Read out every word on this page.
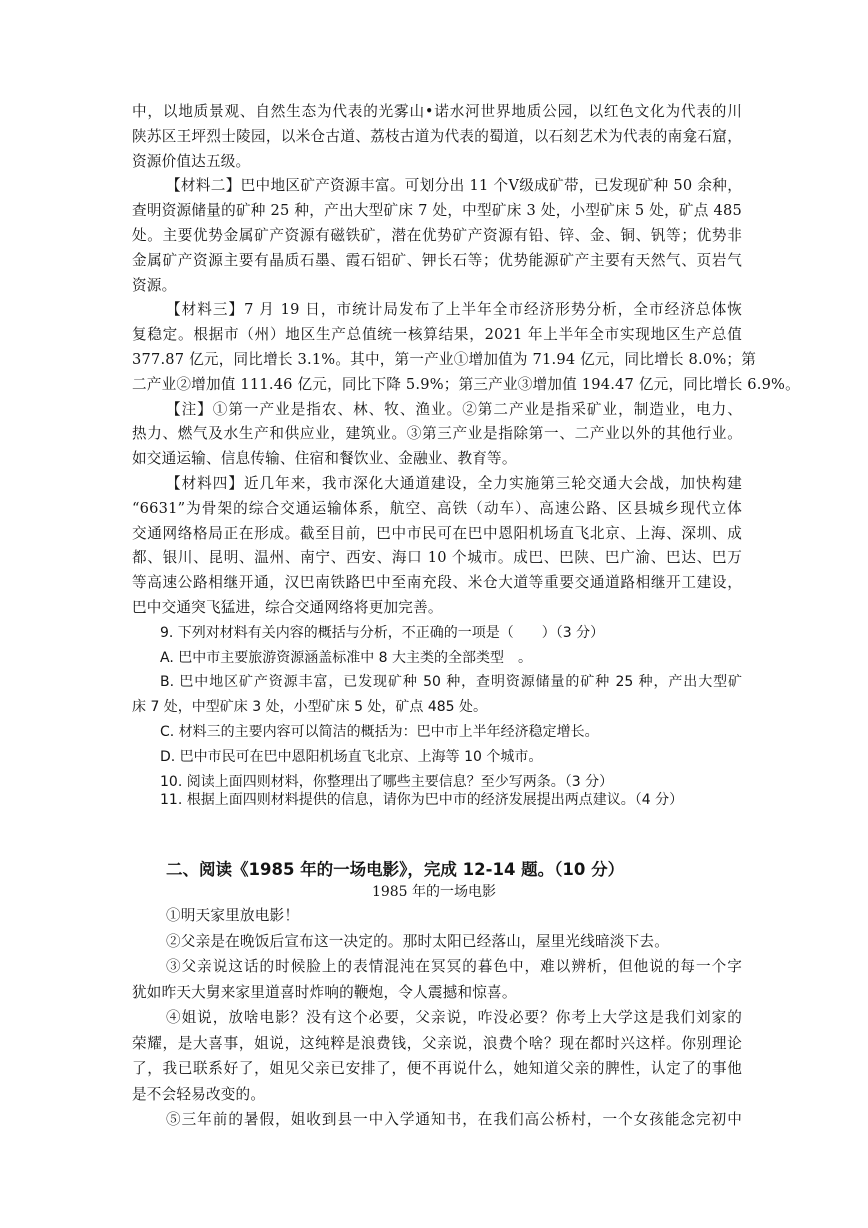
中，以地质景观、自然生态为代表的光雾山•诺水河世界地质公园，以红色文化为代表的川
陕苏区王坪烈士陵园，以米仓古道、荔枝古道为代表的蜀道，以石刻艺术为代表的南龛石窟，
资源价值达五级。
【材料二】巴中地区矿产资源丰富。可划分出 11 个Ⅴ级成矿带，已发现矿种 50 余种，
查明资源储量的矿种 25 种，产出大型矿床 7 处，中型矿床 3 处，小型矿床 5 处，矿点 485
处。主要优势金属矿产资源有磁铁矿，潜在优势矿产资源有铅、锌、金、铜、钒等；优势非
金属矿产资源主要有晶质石墨、霞石铝矿、钾长石等；优势能源矿产主要有天然气、页岩气
资源。
【材料三】7 月 19 日，市统计局发布了上半年全市经济形势分析，全市经济总体恢
复稳定。根据市（州）地区生产总值统一核算结果，2021 年上半年全市实现地区生产总值
377.87 亿元，同比增长 3.1%。其中，第一产业①增加值为 71.94 亿元，同比增长 8.0%；第
二产业②增加值 111.46 亿元，同比下降 5.9%；第三产业③增加值 194.47 亿元，同比增长 6.9%。
【注】①第一产业是指农、林、牧、渔业。②第二产业是指采矿业，制造业，电力、
热力、燃气及水生产和供应业，建筑业。③第三产业是指除第一、二产业以外的其他行业。
如交通运输、信息传输、住宿和餐饮业、金融业、教育等。
【材料四】近几年来，我市深化大通道建设，全力实施第三轮交通大会战，加快构建
“6631”为骨架的综合交通运输体系，航空、高铁（动车）、高速公路、区县城乡现代立体
交通网络格局正在形成。截至目前，巴中市民可在巴中恩阳机场直飞北京、上海、深圳、成
都、银川、昆明、温州、南宁、西安、海口 10 个城市。成巴、巴陕、巴广渝、巴达、巴万
等高速公路相继开通，汉巴南铁路巴中至南充段、米仓大道等重要交通道路相继开工建设，
巴中交通突飞猛进，综合交通网络将更加完善。
9. 下列对材料有关内容的概括与分析，不正确的一项是（　　）（3 分）
A. 巴中市主要旅游资源涵盖标准中 8 大主类的全部类型　。
B. 巴中地区矿产资源丰富，已发现矿种 50 种，查明资源储量的矿种 25 种，产出大型矿
床 7 处，中型矿床 3 处，小型矿床 5 处，矿点 485 处。
C. 材料三的主要内容可以简洁的概括为：巴中市上半年经济稳定增长。
D. 巴中市民可在巴中恩阳机场直飞北京、上海等 10 个城市。
10. 阅读上面四则材料，你整理出了哪些主要信息？至少写两条。（3 分）
11. 根据上面四则材料提供的信息，请你为巴中市的经济发展提出两点建议。（4 分）
二、阅读《1985 年的一场电影》，完成 12-14 题。（10 分）
1985 年的一场电影
①明天家里放电影！
②父亲是在晚饭后宣布这一决定的。那时太阳已经落山，屋里光线暗淡下去。
③父亲说这话的时候脸上的表情混沌在冥冥的暮色中，难以辨析，但他说的每一个字
犹如昨天大舅来家里道喜时炸响的鞭炮，令人震撼和惊喜。
④姐说，放啥电影？没有这个必要，父亲说，咋没必要？你考上大学这是我们刘家的
荣耀，是大喜事，姐说，这纯粹是浪费钱，父亲说，浪费个啥？现在都时兴这样。你别理论
了，我已联系好了，姐见父亲已安排了，便不再说什么，她知道父亲的脾性，认定了的事他
是不会轻易改变的。
⑤三年前的暑假，姐收到县一中入学通知书，在我们高公桥村，一个女孩能念完初中
